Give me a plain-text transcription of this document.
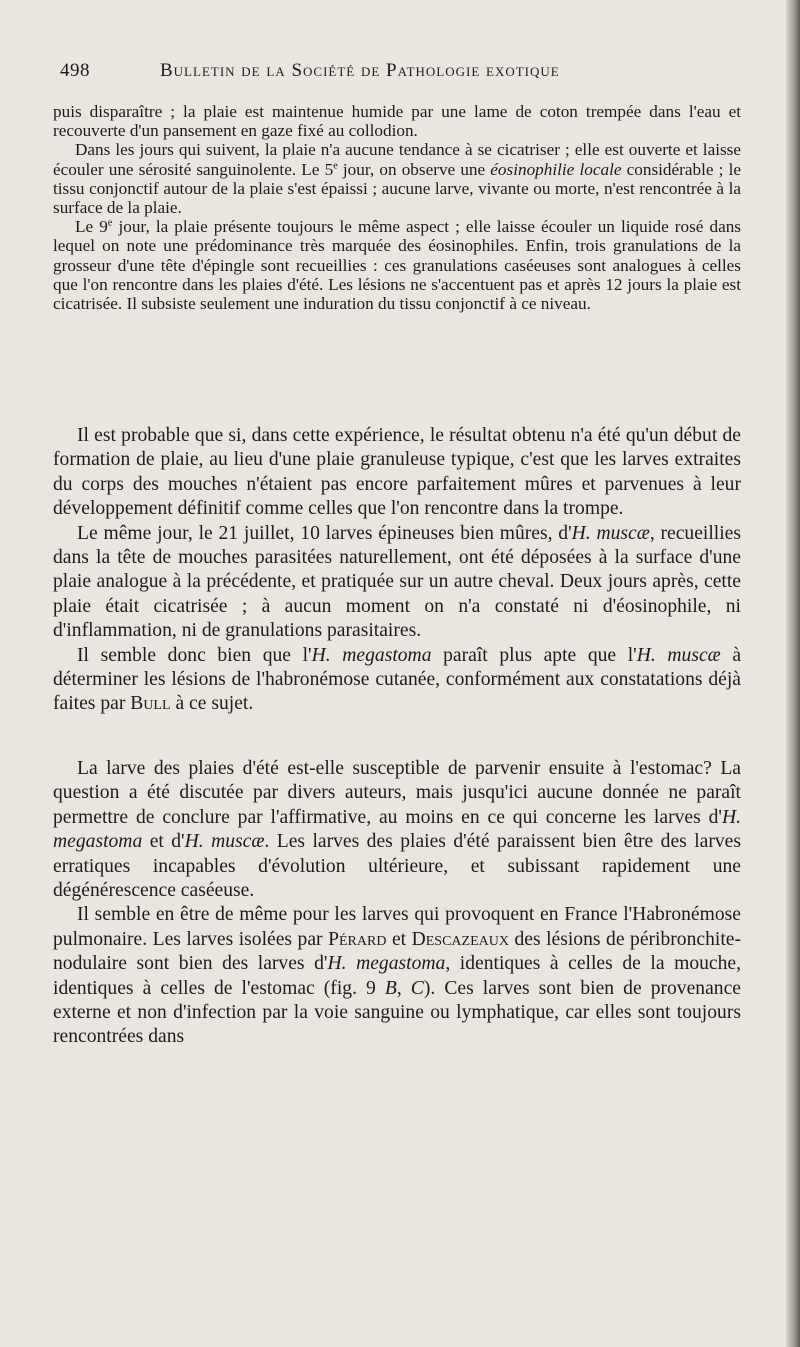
498	Bulletin de la Société de Pathologie exotique

puis disparaître ; la plaie est maintenue humide par une lame de coton trempée dans l'eau et recouverte d'un pansement en gaze fixé au collodion.

Dans les jours qui suivent, la plaie n'a aucune tendance à se cicatriser ; elle est ouverte et laisse écouler une sérosité sanguinolente. Le 5e jour, on observe une éosinophilie locale considérable ; le tissu conjonctif autour de la plaie s'est épaissi ; aucune larve, vivante ou morte, n'est rencontrée à la surface de la plaie.

Le 9e jour, la plaie présente toujours le même aspect ; elle laisse écouler un liquide rosé dans lequel on note une prédominance très marquée des éosinophiles. Enfin, trois granulations de la grosseur d'une tête d'épingle sont recueillies : ces granulations caséeuses sont analogues à celles que l'on rencontre dans les plaies d'été. Les lésions ne s'accentuent pas et après 12 jours la plaie est cicatrisée. Il subsiste seulement une induration du tissu conjonctif à ce niveau.

Il est probable que si, dans cette expérience, le résultat obtenu n'a été qu'un début de formation de plaie, au lieu d'une plaie granuleuse typique, c'est que les larves extraites du corps des mouches n'étaient pas encore parfaitement mûres et parvenues à leur développement définitif comme celles que l'on rencontre dans la trompe.

Le même jour, le 21 juillet, 10 larves épineuses bien mûres, d'H. muscæ, recueillies dans la tête de mouches parasitées naturellement, ont été déposées à la surface d'une plaie analogue à la précédente, et pratiquée sur un autre cheval. Deux jours après, cette plaie était cicatrisée ; à aucun moment on n'a constaté ni d'éosinophile, ni d'inflammation, ni de granulations parasitaires.

Il semble donc bien que l'H. megastoma paraît plus apte que l'H. muscæ à déterminer les lésions de l'habronémose cutanée, conformément aux constatations déjà faites par Bull à ce sujet.

La larve des plaies d'été est-elle susceptible de parvenir ensuite à l'estomac? La question a été discutée par divers auteurs, mais jusqu'ici aucune donnée ne paraît permettre de conclure par l'affirmative, au moins en ce qui concerne les larves d'H. megastoma et d'H. muscæ. Les larves des plaies d'été paraissent bien être des larves erratiques incapables d'évolution ultérieure, et subissant rapidement une dégénérescence caséeuse.

Il semble en être de même pour les larves qui provoquent en France l'Habronémose pulmonaire. Les larves isolées par Pérard et Descazeaux des lésions de péribronchite-nodulaire sont bien des larves d'H. megastoma, identiques à celles de la mouche, identiques à celles de l'estomac (fig. 9 B, C). Ces larves sont bien de provenance externe et non d'infection par la voie sanguine ou lymphatique, car elles sont toujours rencontrées dans
